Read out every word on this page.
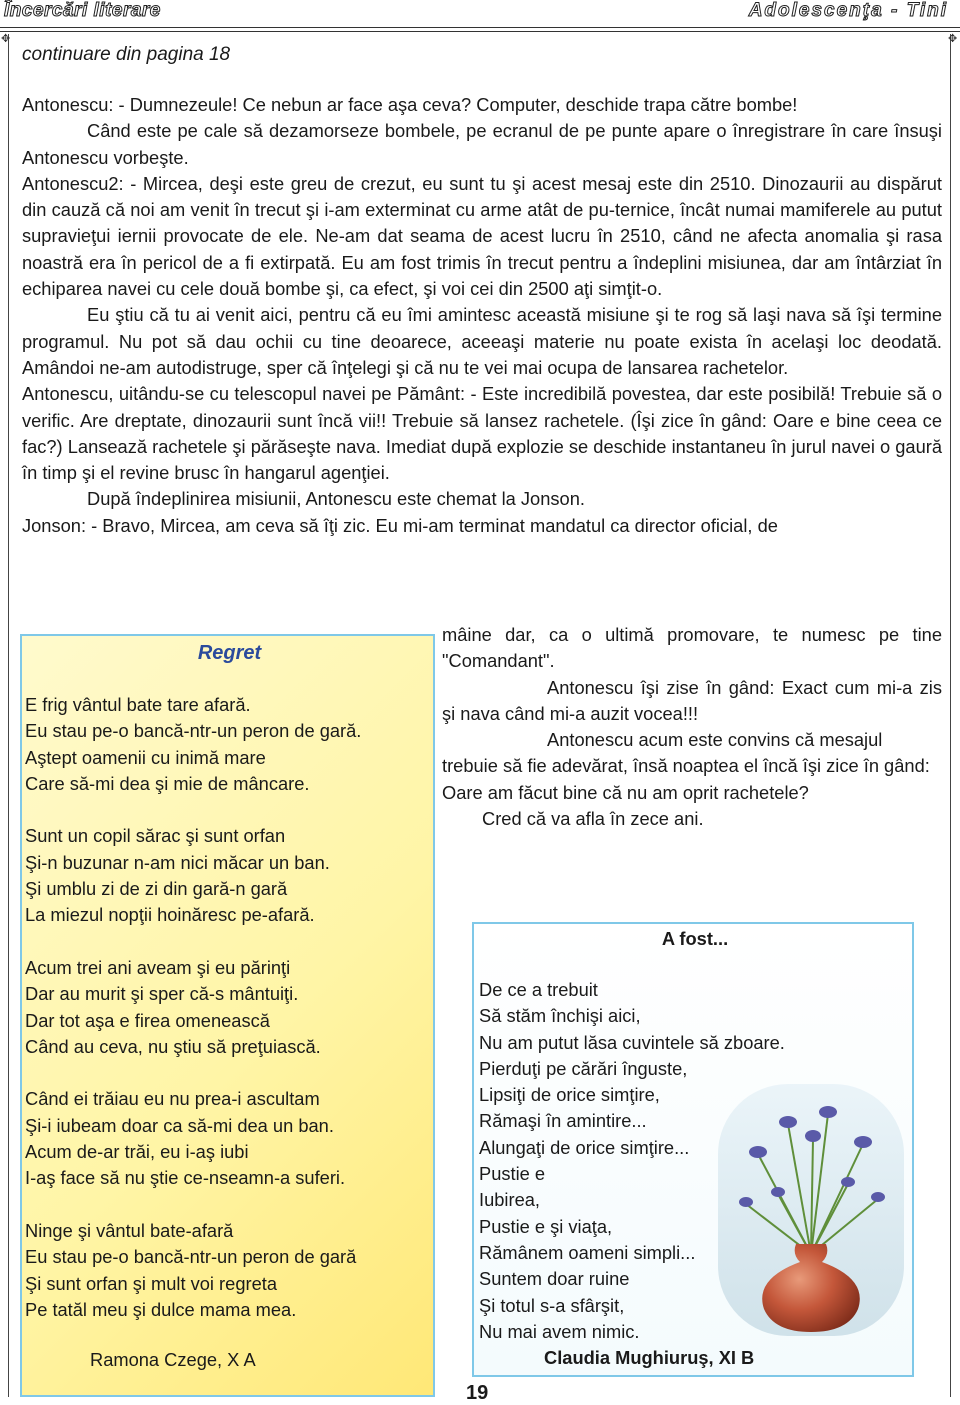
Încercări literare	Adolescenţa - Tini
✥	✥
continuare din pagina 18

Antonescu: - Dumnezeule! Ce nebun ar face aşa ceva? Computer, deschide trapa către bombe!

Când este pe cale să dezamorseze bombele, pe ecranul de pe punte apare o înregistrare în care însuşi Antonescu vorbeşte.

Antonescu2: - Mircea, deşi este greu de crezut, eu sunt tu şi acest mesaj este din 2510. Dinozaurii au dispărut din cauză că noi am venit în trecut şi i-am exterminat cu arme atât de pu-ternice, încât numai mamiferele au putut supravieţui iernii provocate de ele. Ne-am dat seama de acest lucru în 2510, când ne afecta anomalia şi rasa noastră era în pericol de a fi extirpată. Eu am fost trimis în trecut pentru a îndeplini misiunea, dar am întârziat în echiparea navei cu cele două bombe şi, ca efect, şi voi cei din 2500 aţi simţit-o.

Eu ştiu că tu ai venit aici, pentru că eu îmi amintesc această misiune şi te rog să laşi nava să îşi termine programul. Nu pot să dau ochii cu tine deoarece, aceeaşi materie nu poate exista în acelaşi loc deodată. Amândoi ne-am autodistruge, sper că înţelegi şi că nu te vei mai ocupa de lansarea rachetelor.

Antonescu, uitându-se cu telescopul navei pe Pământ: - Este incredibilă povestea, dar este posibilă! Trebuie să o verific. Are dreptate, dinozaurii sunt încă vii!! Trebuie să lansez rachetele. (Îşi zice în gând: Oare e bine ceea ce fac?) Lansează rachetele şi părăseşte nava. Imediat după explozie se deschide instantaneu în jurul navei o gaură în timp şi el revine brusc în hangarul agenţiei.

După îndeplinirea misiunii, Antonescu este chemat la Jonson.

Jonson: - Bravo, Mircea, am ceva să îţi zic. Eu mi-am terminat mandatul ca director oficial, de

mâine dar, ca o ultimă promovare, te numesc pe tine "Comandant".

Antonescu îşi zise în gând: Exact cum mi-a zis şi nava când mi-a auzit vocea!!!

Antonescu acum este convins că mesajul trebuie să fie adevărat, însă noaptea el încă îşi zice în gând: Oare am făcut bine că nu am oprit rachetele?

Cred că va afla în zece ani.

Regret
E frig vântul bate tare afară.
Eu stau pe-o bancă-ntr-un peron de gară.
Aştept oamenii cu inimă mare
Care să-mi dea şi mie de mâncare.
Sunt un copil sărac şi sunt orfan
Şi-n buzunar n-am nici măcar un ban.
Şi umblu zi de zi din gară-n gară
La miezul nopţii hoinăresc pe-afară.
Acum trei ani aveam şi eu părinţi
Dar au murit şi sper că-s mântuiţi.
Dar tot aşa e firea omenească
Când au ceva, nu ştiu să preţuiască.
Când ei trăiau eu nu prea-i ascultam
Şi-i iubeam doar ca să-mi dea un ban.
Acum de-ar trăi, eu i-aş iubi
I-aş face să nu ştie ce-nseamn-a suferi.
Ninge şi vântul bate-afară
Eu stau pe-o bancă-ntr-un peron de gară
Şi sunt orfan şi mult voi regreta
Pe tatăl meu şi dulce mama mea.
Ramona Czege, X A
A fost...
De ce a trebuit
Să stăm închişi aici,
Nu am putut lăsa cuvintele să zboare.
Pierduţi pe cărări înguste,
Lipsiţi de orice simţire,
Rămaşi în amintire...
Alungaţi de orice simţire...
Pustie e
Iubirea,
Pustie e şi viaţa,
Rămânem oameni simpli...
Suntem doar ruine
Şi totul s-a sfârşit,
Nu mai avem nimic.
Claudia Mughiuruş, XI B
19
